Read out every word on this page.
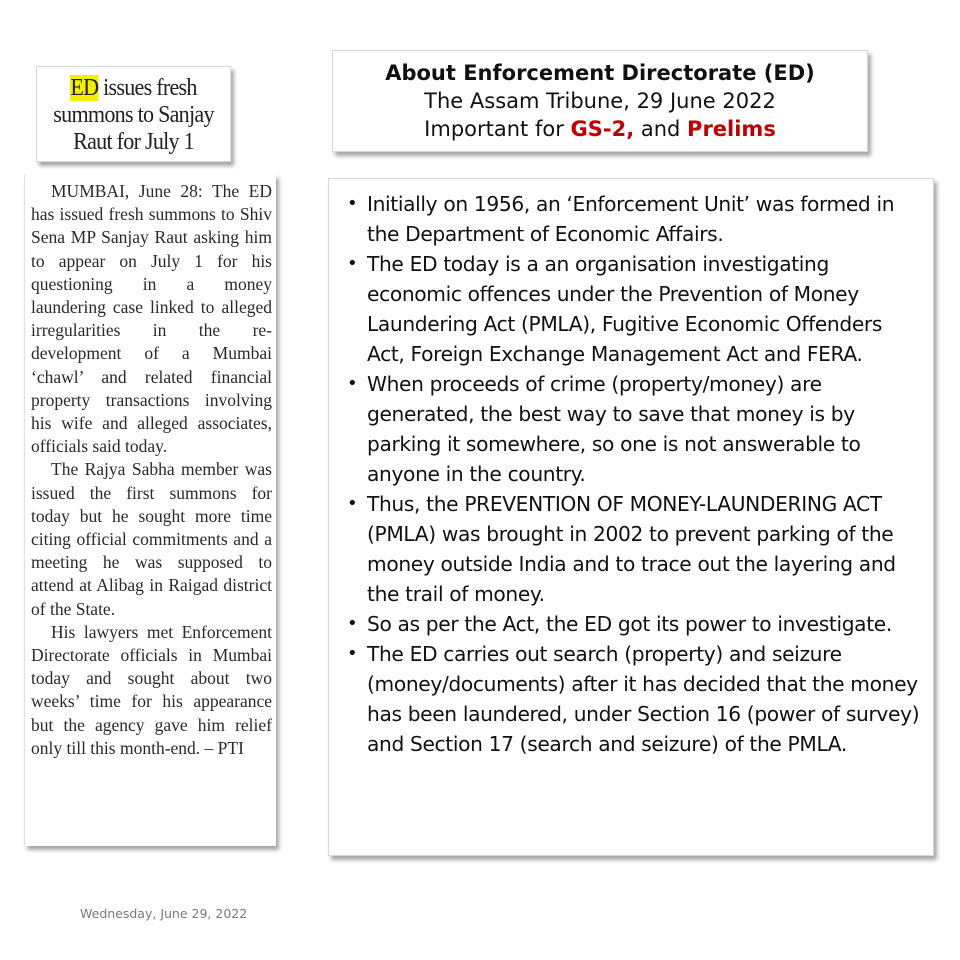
ED issues fresh
summons to Sanjay
Raut for July 1
About Enforcement Directorate (ED)
The Assam Tribune, 29 June 2022
Important for GS-2, and Prelims

MUMBAI, June 28: The ED has issued fresh summons to Shiv Sena MP Sanjay Raut asking him to appear on July 1 for his questioning in a money laundering case linked to alleged irregularities in the re-development of a Mumbai ‘chawl’ and related financial property transactions involving his wife and alleged associates, officials said today.

The Rajya Sabha member was issued the first summons for today but he sought more time citing official commitments and a meeting he was supposed to attend at Alibag in Raigad district of the State.

His lawyers met Enforcement Directorate officials in Mumbai today and sought about two weeks’ time for his appearance but the agency gave him relief only till this month-end. – PTI

• Initially on 1956, an ‘Enforcement Unit’ was formed in the Department of Economic Affairs.
• The ED today is a an organisation investigating economic offences under the Prevention of Money Laundering Act (PMLA), Fugitive Economic Offenders Act, Foreign Exchange Management Act and FERA.
• When proceeds of crime (property/money) are generated, the best way to save that money is by parking it somewhere, so one is not answerable to anyone in the country.
• Thus, the PREVENTION OF MONEY-LAUNDERING ACT (PMLA) was brought in 2002 to prevent parking of the money outside India and to trace out the layering and the trail of money.
• So as per the Act, the ED got its power to investigate.
• The ED carries out search (property) and seizure (money/documents) after it has decided that the money has been laundered, under Section 16 (power of survey) and Section 17 (search and seizure) of the PMLA.
Wednesday, June 29, 2022
